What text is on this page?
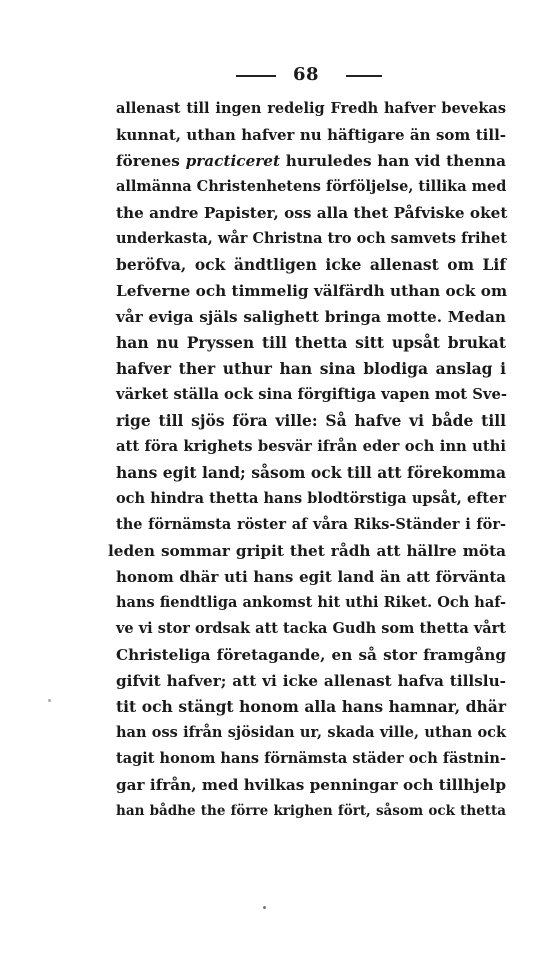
68
allenast till ingen redelig Fredh hafver bevekas
kunnat, uthan hafver nu häftigare än som till-
förenes practiceret huruledes han vid thenna
allmänna Christenhetens förföljelse, tillika med
the andre Papister, oss alla thet Påfviske oket
underkasta, wår Christna tro och samvets frihet
beröfva, ock ändtligen icke allenast om Lif
Lefverne och timmelig välfärdh uthan ock om
vår eviga själs salighett bringa motte. Medan
han nu Pryssen till thetta sitt upsåt brukat
hafver ther uthur han sina blodiga anslag i
värket ställa ock sina förgiftiga vapen mot Sve-
rige till sjös föra ville: Så hafve vi både till
att föra krighets besvär ifrån eder och inn uthi
hans egit land; såsom ock till att förekomma
och hindra thetta hans blodtörstiga upsåt, efter
the förnämsta röster af våra Riks-Ständer i för-
leden sommar gripit thet rådh att hällre möta
honom dhär uti hans egit land än att förvänta
hans fiendtliga ankomst hit uthi Riket. Och haf-
ve vi stor ordsak att tacka Gudh som thetta vårt
Christeliga företagande, en så stor framgång
gifvit hafver; att vi icke allenast hafva tillslu-
tit och stängt honom alla hans hamnar, dhär
han oss ifrån sjösidan ur, skada ville, uthan ock
tagit honom hans förnämsta städer och fästnin-
gar ifrån, med hvilkas penningar och tillhjelp
han bådhe the förre krighen fört, såsom ock thetta
